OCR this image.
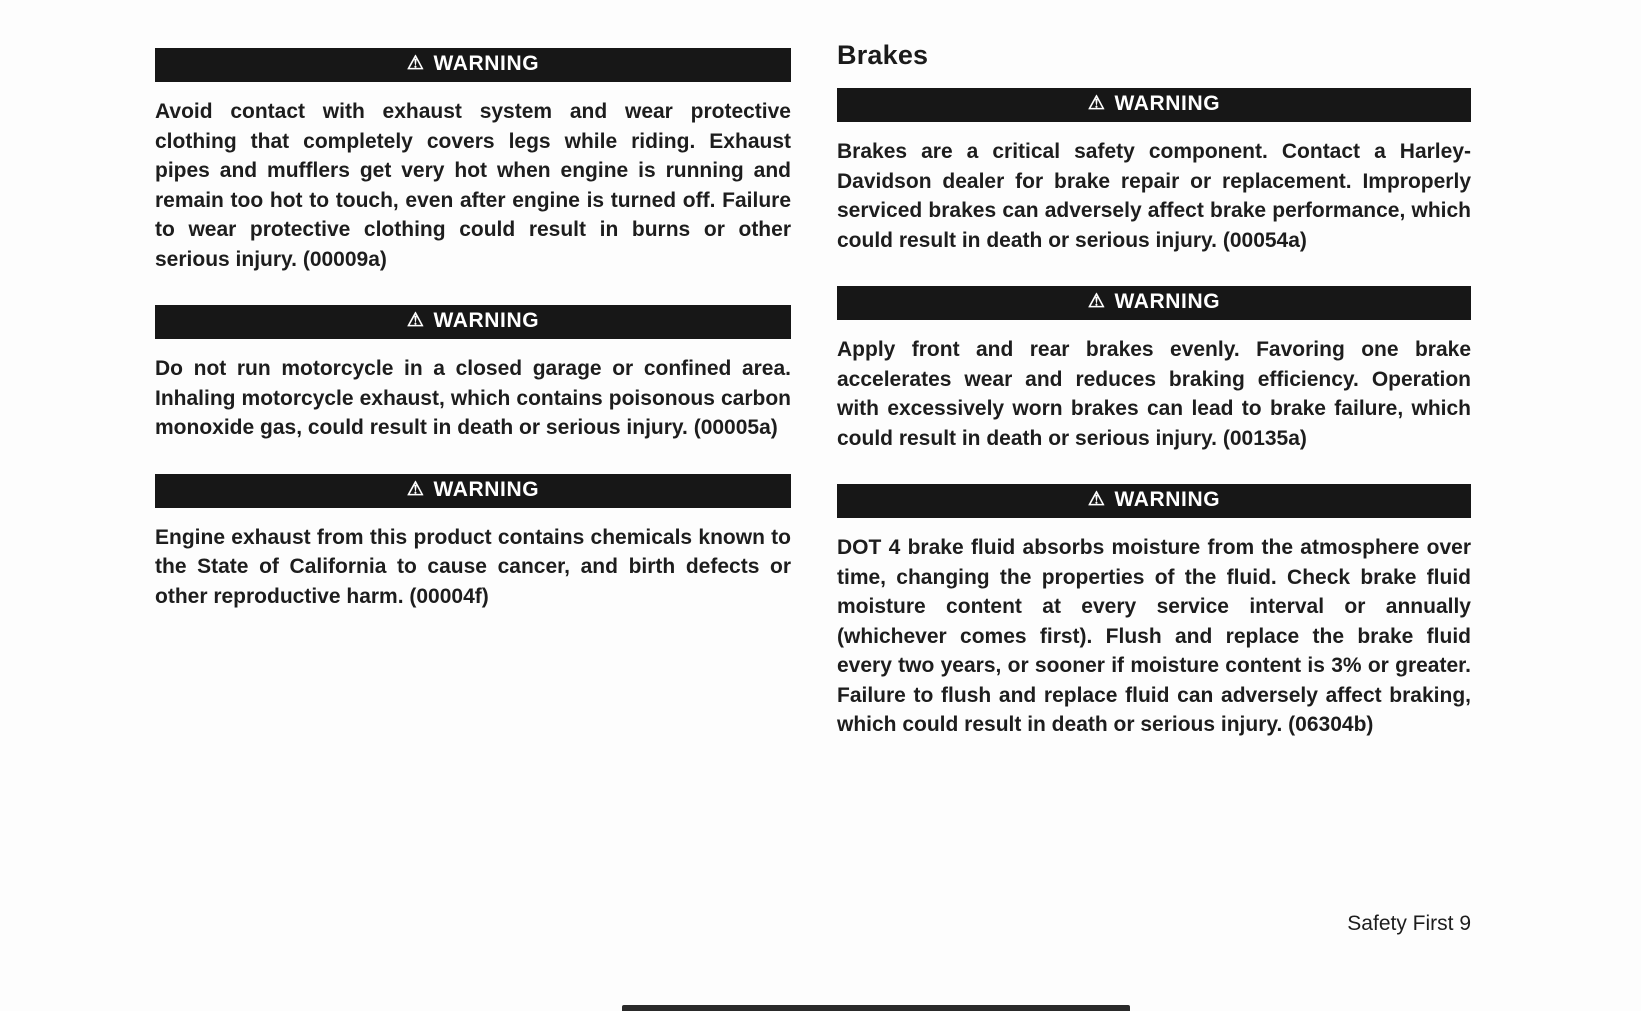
⚠ WARNING

Avoid contact with exhaust system and wear protective clothing that completely covers legs while riding. Exhaust pipes and mufflers get very hot when engine is running and remain too hot to touch, even after engine is turned off. Failure to wear protective clothing could result in burns or other serious injury. (00009a)

⚠ WARNING

Do not run motorcycle in a closed garage or confined area. Inhaling motorcycle exhaust, which contains poisonous carbon monoxide gas, could result in death or serious injury. (00005a)

⚠ WARNING

Engine exhaust from this product contains chemicals known to the State of California to cause cancer, and birth defects or other reproductive harm. (00004f)

Brakes
⚠ WARNING

Brakes are a critical safety component. Contact a Harley-Davidson dealer for brake repair or replacement. Improperly serviced brakes can adversely affect brake performance, which could result in death or serious injury. (00054a)

⚠ WARNING

Apply front and rear brakes evenly. Favoring one brake accelerates wear and reduces braking efficiency. Operation with excessively worn brakes can lead to brake failure, which could result in death or serious injury. (00135a)

⚠ WARNING

DOT 4 brake fluid absorbs moisture from the atmosphere over time, changing the properties of the fluid. Check brake fluid moisture content at every service interval or annually (whichever comes first). Flush and replace the brake fluid every two years, or sooner if moisture content is 3% or greater. Failure to flush and replace fluid can adversely affect braking, which could result in death or serious injury. (06304b)

Safety First 9
